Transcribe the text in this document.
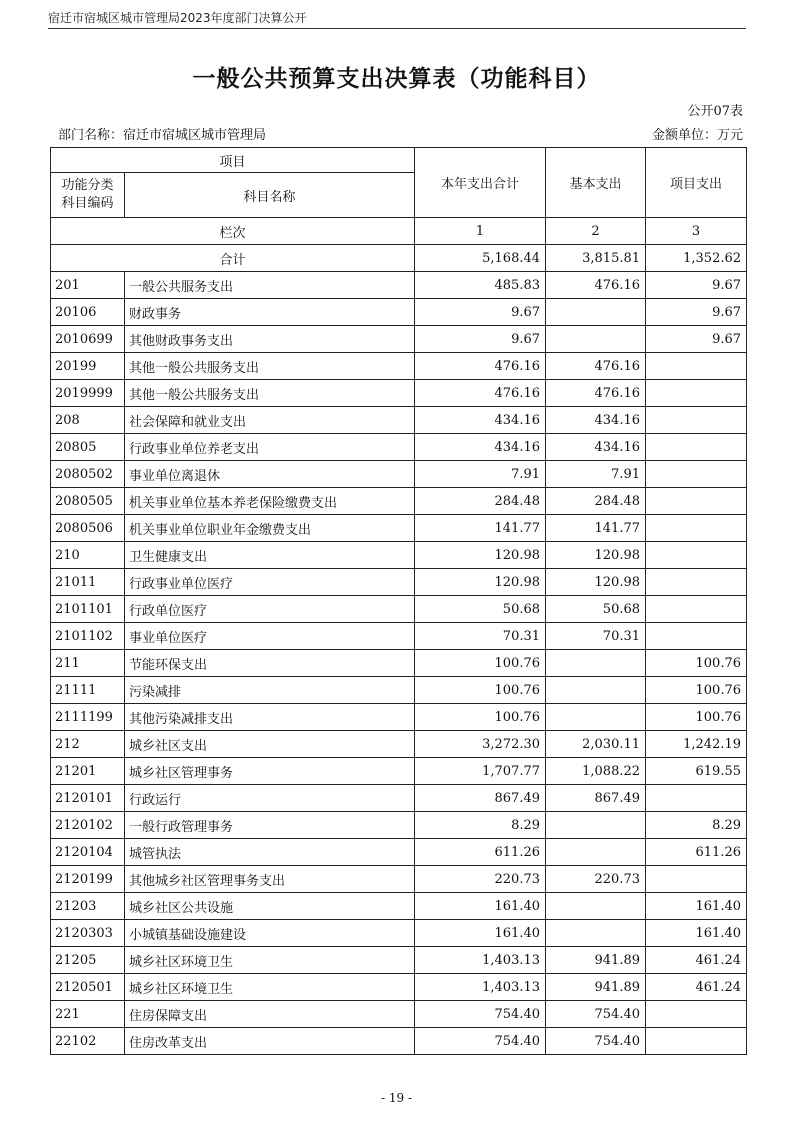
宿迁市宿城区城市管理局2023年度部门决算公开
一般公共预算支出决算表（功能科目）
公开07表
部门名称：宿迁市宿城区城市管理局	金额单位：万元
项目		本年支出合计	基本支出	项目支出
功能分类
科目编码	科目名称			
栏次		1	2	3
合计		5,168.44	3,815.81	1,352.62
201	一般公共服务支出	485.83	476.16	9.67
20106	财政事务	9.67		9.67
2010699	其他财政事务支出	9.67		9.67
20199	其他一般公共服务支出	476.16	476.16	
2019999	其他一般公共服务支出	476.16	476.16	
208	社会保障和就业支出	434.16	434.16	
20805	行政事业单位养老支出	434.16	434.16	
2080502	事业单位离退休	7.91	7.91	
2080505	机关事业单位基本养老保险缴费支出	284.48	284.48	
2080506	机关事业单位职业年金缴费支出	141.77	141.77	
210	卫生健康支出	120.98	120.98	
21011	行政事业单位医疗	120.98	120.98	
2101101	行政单位医疗	50.68	50.68	
2101102	事业单位医疗	70.31	70.31	
211	节能环保支出	100.76		100.76
21111	污染减排	100.76		100.76
2111199	其他污染减排支出	100.76		100.76
212	城乡社区支出	3,272.30	2,030.11	1,242.19
21201	城乡社区管理事务	1,707.77	1,088.22	619.55
2120101	行政运行	867.49	867.49	
2120102	一般行政管理事务	8.29		8.29
2120104	城管执法	611.26		611.26
2120199	其他城乡社区管理事务支出	220.73	220.73	
21203	城乡社区公共设施	161.40		161.40
2120303	小城镇基础设施建设	161.40		161.40
21205	城乡社区环境卫生	1,403.13	941.89	461.24
2120501	城乡社区环境卫生	1,403.13	941.89	461.24
221	住房保障支出	754.40	754.40	
22102	住房改革支出	754.40	754.40	
- 19 -
